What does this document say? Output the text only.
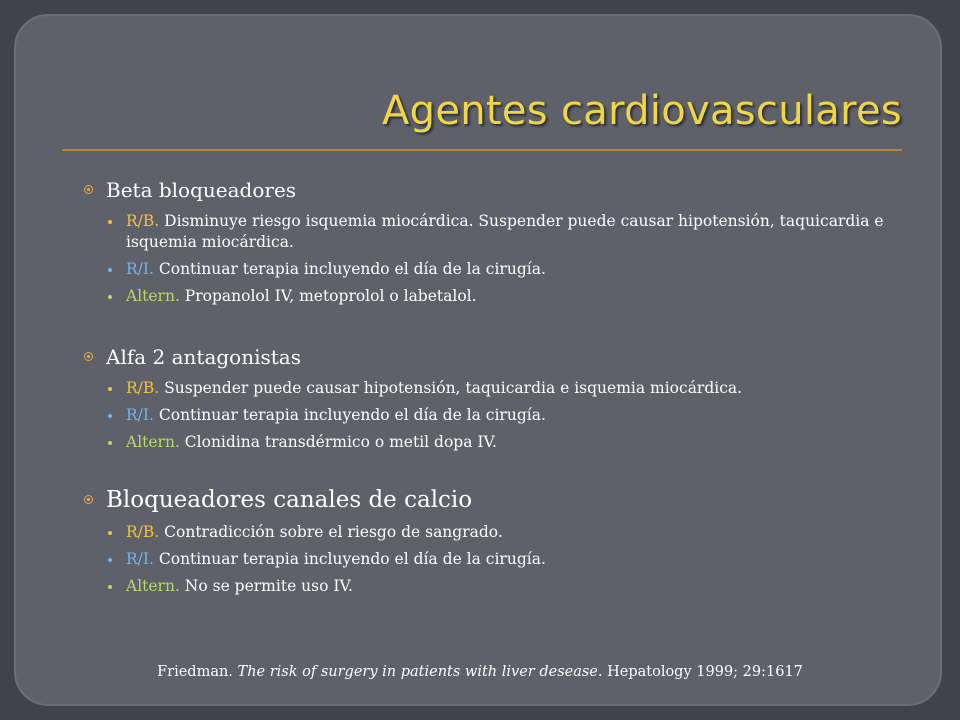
Agentes cardiovasculares
Beta bloqueadores
R/B. Disminuye riesgo isquemia miocárdica. Suspender puede causar hipotensión, taquicardia e isquemia miocárdica.
R/I. Continuar terapia incluyendo el día de la cirugía.
Altern. Propanolol IV, metoprolol o labetalol.
Alfa 2 antagonistas
R/B. Suspender puede causar hipotensión, taquicardia e isquemia miocárdica.
R/I. Continuar terapia incluyendo el día de la cirugía.
Altern. Clonidina transdérmico o metil dopa IV.
Bloqueadores canales de calcio
R/B. Contradicción sobre el riesgo de sangrado.
R/I. Continuar terapia incluyendo el día de la cirugía.
Altern. No se permite uso IV.
Friedman. The risk of surgery in patients with liver desease. Hepatology 1999; 29:1617
